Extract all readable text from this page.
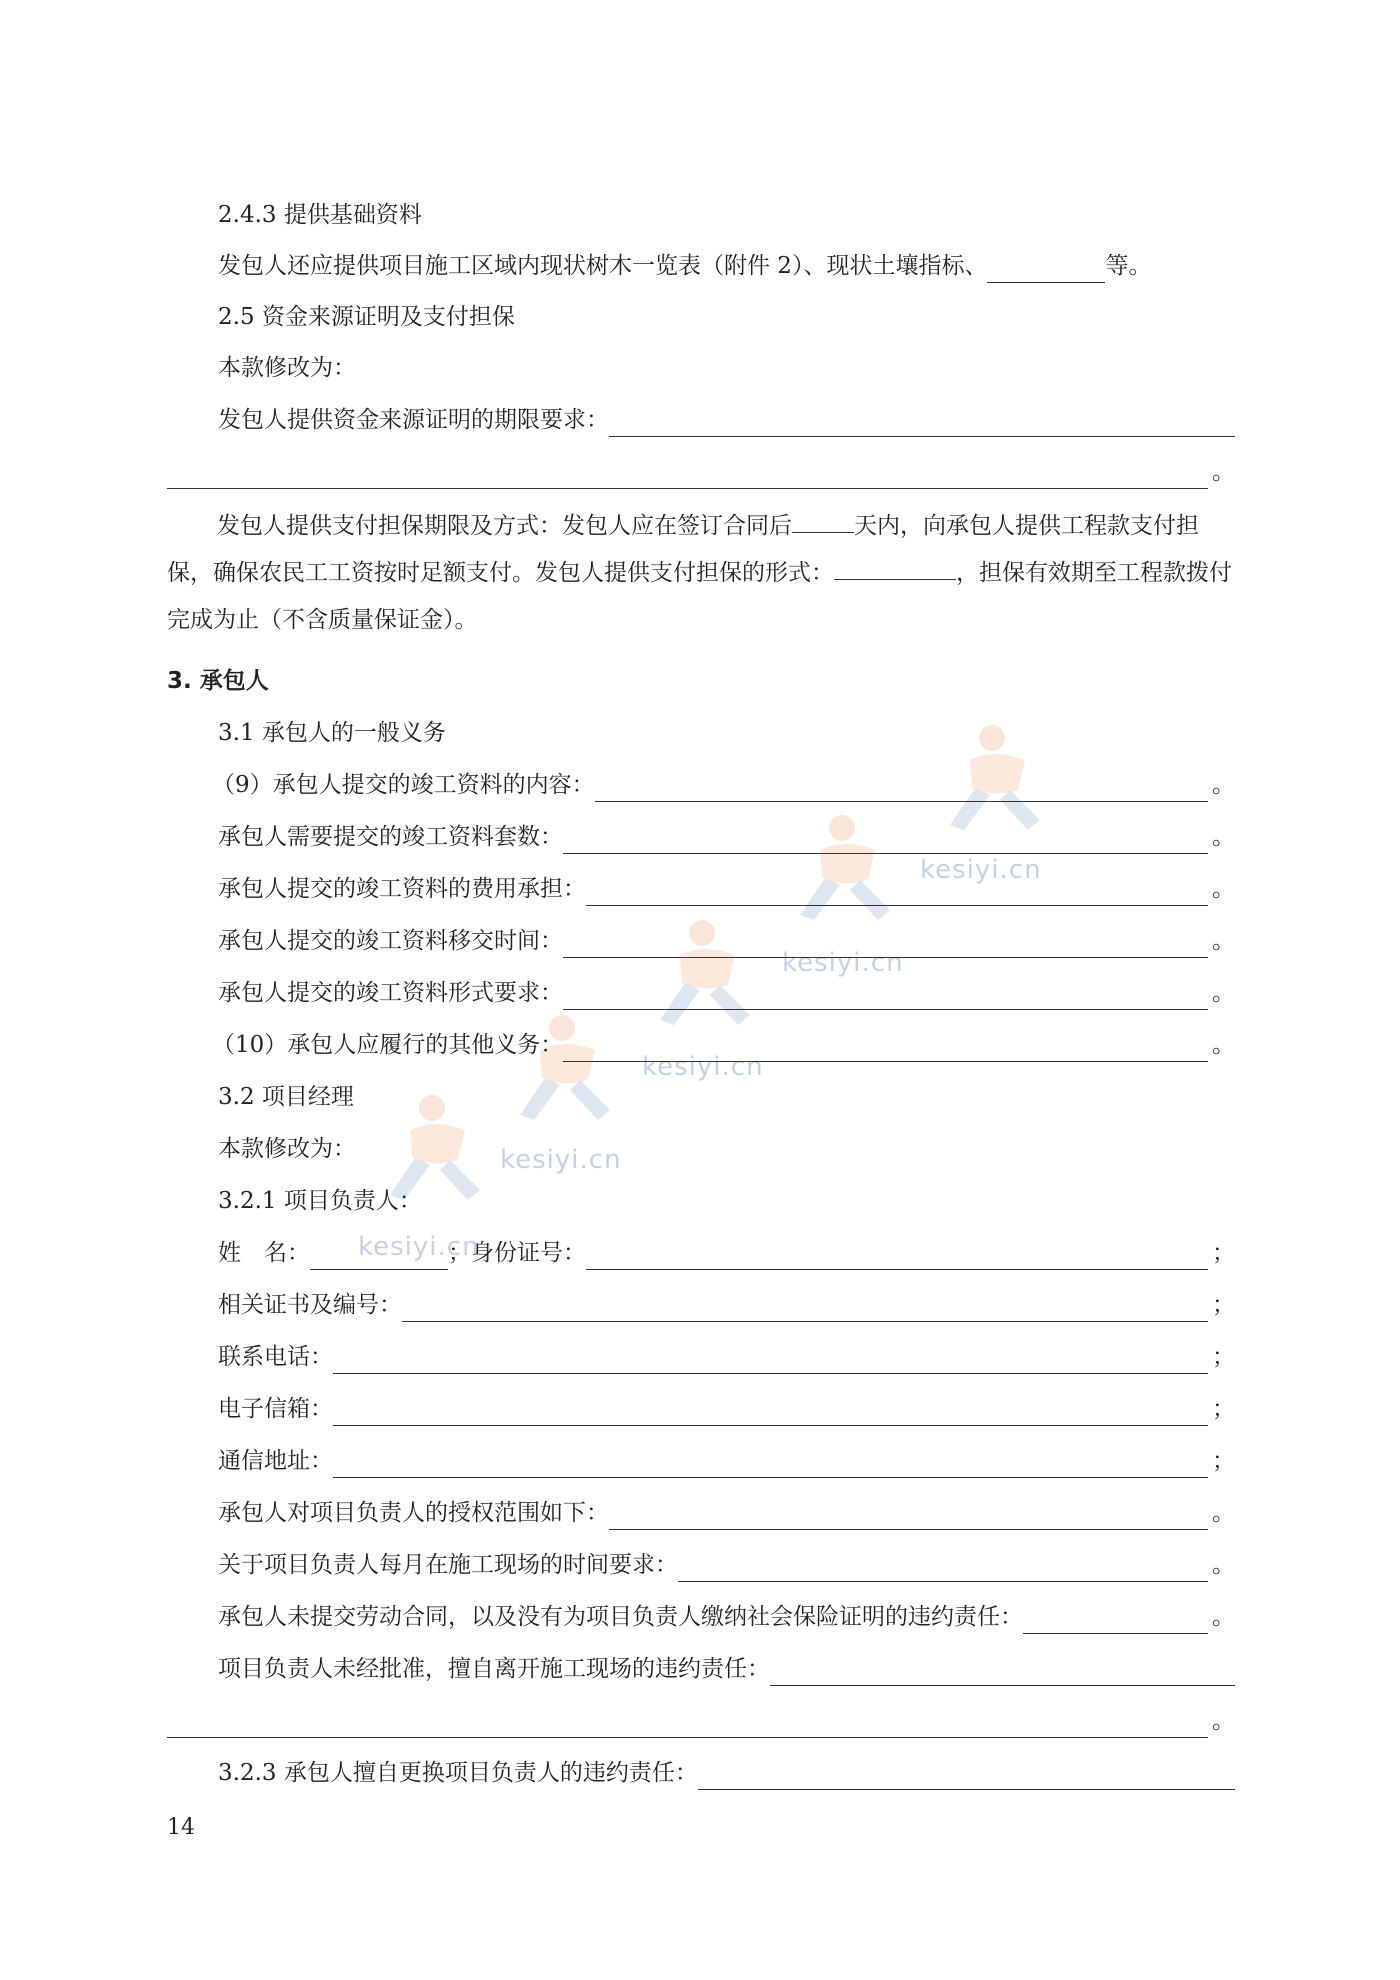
kesiyi.cn
kesiyi.cn
kesiyi.cn
kesiyi.cn
kesiyi.cn
2.4.3 提供基础资料
发包人还应提供项目施工区域内现状树木一览表（附件 2）、现状土壤指标、	等。
2.5 资金来源证明及支付担保
本款修改为：
发包人提供资金来源证明的期限要求：
。
发包人提供支付担保期限及方式：发包人应在签订合同后	天内，向承包人提供工程款支付担保，确保农民工工资按时足额支付。发包人提供支付担保的形式：	，担保有效期至工程款拨付完成为止（不含质量保证金）。
3. 承包人
3.1 承包人的一般义务
（9）承包人提交的竣工资料的内容：	。
承包人需要提交的竣工资料套数：	。
承包人提交的竣工资料的费用承担：	。
承包人提交的竣工资料移交时间：	。
承包人提交的竣工资料形式要求：	。
（10）承包人应履行的其他义务：	。
3.2 项目经理
本款修改为：
3.2.1 项目负责人：
姓　名：	；身份证号：	；
相关证书及编号：	；
联系电话：	；
电子信箱：	；
通信地址：	；
承包人对项目负责人的授权范围如下：	。
关于项目负责人每月在施工现场的时间要求：	。
承包人未提交劳动合同，以及没有为项目负责人缴纳社会保险证明的违约责任：	。
项目负责人未经批准，擅自离开施工现场的违约责任：
。
3.2.3 承包人擅自更换项目负责人的违约责任：
14
